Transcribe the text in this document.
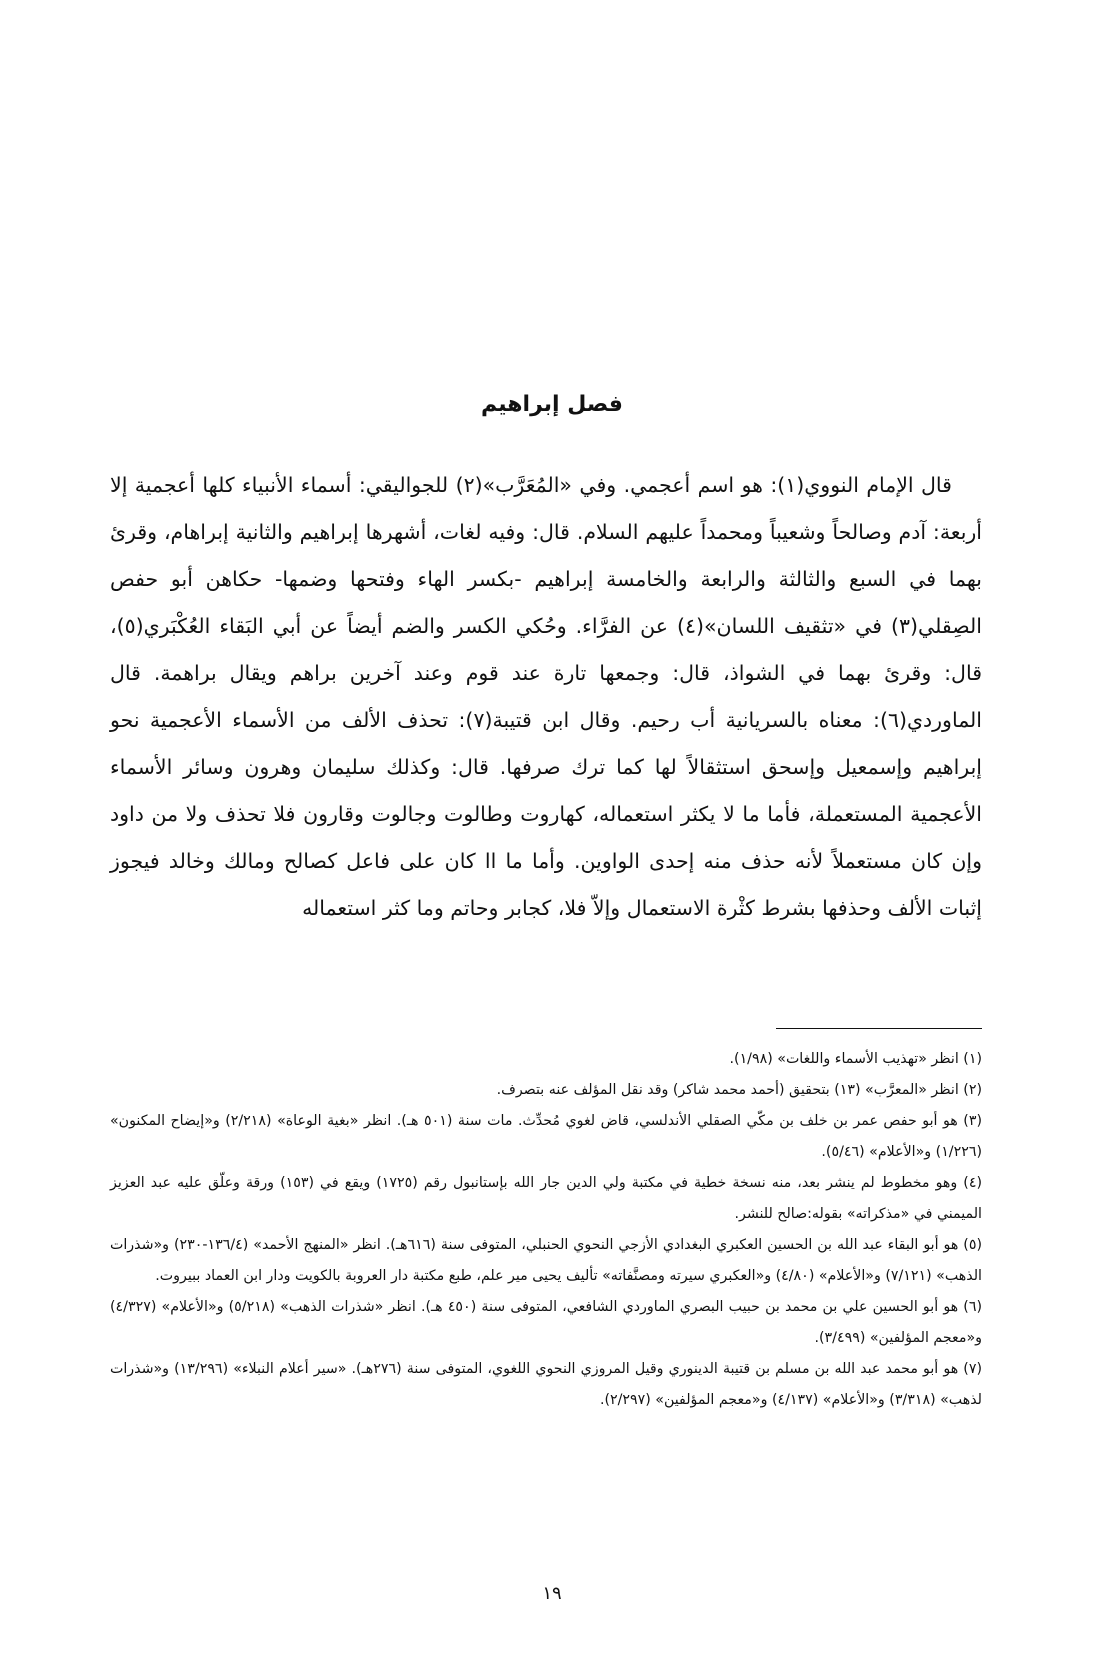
فصل إبراهيم

قال الإمام النووي(١): هو اسم أعجمي. وفي «المُعَرَّب»(٢) للجواليقي: أسماء الأنبياء كلها أعجمية إلا أربعة: آدم وصالحاً وشعيباً ومحمداً عليهم السلام. قال: وفيه لغات، أشهرها إبراهيم والثانية إبراهام، وقرئ بهما في السبع والثالثة والرابعة والخامسة إبراهيم -بكسر الهاء وفتحها وضمها- حكاهن أبو حفص الصِقلي(٣) في «تثقيف اللسان»(٤) عن الفرَّاء. وحُكي الكسر والضم أيضاً عن أبي البَقاء العُكْبَري(٥)، قال: وقرئ بهما في الشواذ، قال: وجمعها تارة عند قوم وعند آخرين براهم ويقال براهمة. قال الماوردي(٦): معناه بالسريانية أب رحيم. وقال ابن قتيبة(٧): تحذف الألف من الأسماء الأعجمية نحو إبراهيم وإسمعيل وإسحق استثقالاً لها كما ترك صرفها. قال: وكذلك سليمان وهرون وسائر الأسماء الأعجمية المستعملة، فأما ما لا يكثر استعماله، كهاروت وطالوت وجالوت وقارون فلا تحذف ولا من داود وإن كان مستعملاً لأنه حذف منه إحدى الواوين. وأما ما اا كان على فاعل كصالح ومالك وخالد فيجوز إثبات الألف وحذفها بشرط كثْرة الاستعمال وإلاّ فلا، كجابر وحاتم وما كثر استعماله

(١) انظر «تهذيب الأسماء واللغات» (١/٩٨).

(٢) انظر «المعرَّب» (١٣) بتحقيق (أحمد محمد شاكر) وقد نقل المؤلف عنه بتصرف.

(٣) هو أبو حفص عمر بن خلف بن مكّي الصقلي الأندلسي، قاض لغوي مُحدِّث. مات سنة (٥٠١ هـ). انظر «بغية الوعاة» (٢/٢١٨) و«إيضاح المكنون» (١/٢٢٦) و«الأعلام» (٥/٤٦).

(٤) وهو مخطوط لم ينشر بعد، منه نسخة خطية في مكتبة ولي الدين جار الله بإستانبول رقم (١٧٢٥) ويقع في (١٥٣) ورقة وعلّق عليه عبد العزيز الميمني في «مذكراته» بقوله:صالح للنشر.

(٥) هو أبو البقاء عبد الله بن الحسين العكبري البغدادي الأزجي النحوي الحنبلي، المتوفى سنة (٦١٦هـ). انظر «المنهج الأحمد» (١٣٦/٤-٢٣٠) و«شذرات الذهب» (٧/١٢١) و«الأعلام» (٤/٨٠) و«العكبري سيرته ومصنَّفاته» تأليف يحيى مير علم، طبع مكتبة دار العروبة بالكويت ودار ابن العماد ببيروت.

(٦) هو أبو الحسين علي بن محمد بن حبيب البصري الماوردي الشافعي، المتوفى سنة (٤٥٠ هـ). انظر «شذرات الذهب» (٥/٢١٨) و«الأعلام» (٤/٣٢٧) و«معجم المؤلفين» (٣/٤٩٩).

(٧) هو أبو محمد عبد الله بن مسلم بن قتيبة الدينوري وقيل المروزي النحوي اللغوي، المتوفى سنة (٢٧٦هـ). «سير أعلام النبلاء» (١٣/٢٩٦) و«شذرات لذهب» (٣/٣١٨) و«الأعلام» (٤/١٣٧) و«معجم المؤلفين» (٢/٢٩٧).

١٩
